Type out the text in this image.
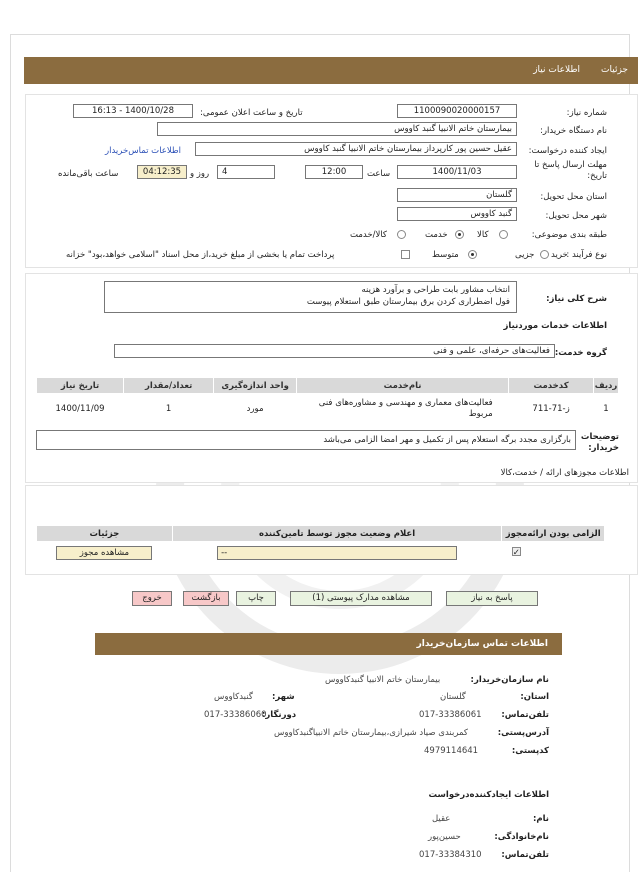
جزئیات
اطلاعات نیاز
شماره نیاز:
1100090020000157
تاریخ و ساعت اعلان عمومی:
1400/10/28 - 16:13
نام دستگاه خریدار:
بیمارستان خاتم الانبیا گنبد کاووس
ایجاد کننده درخواست:
عقیل حسین پور کارپرداز بیمارستان خاتم الانبیا گنبد کاووس
اطلاعات تماس‌خریدار
مهلت ارسال پاسخ تا تاریخ:
1400/11/03
ساعت
12:00
4
روز و
04:12:35
ساعت باقی‌مانده
استان محل تحویل:
گلستان
شهر محل تحویل:
گنبد کاووس
طبقه بندی موضوعی:
کالا
خدمت
کالا/خدمت
نوع فرآیند :
خرید
جزیی
متوسط
پرداخت تمام یا بخشی از مبلغ خرید،از محل اسناد "اسلامی خواهد،بود" خزانه
شرح کلی نیاز:
انتخاب مشاور بابت طراحی و برآورد هزینه
فول اضطراری کردن برق بیمارستان طبق استعلام پیوست
اطلاعات خدمات موردنیاز
گروه خدمت:
فعالیت‌های حرفه‌ای، علمی و فنی
ردیف	کدخدمت	نام‌خدمت	واحد اندازه‌گیری	تعداد/مقدار	تاریخ نیاز
1	ز-71-711	فعالیت‌های معماری و مهندسی و مشاوره‌های فنی مربوط	مورد	1	1400/11/09
توضیحات خریدار:
بارگزاری مجدد برگه استعلام پس از تکمیل و مهر امضا الزامی می‌باشد
اطلاعات مجوزهای ارائه / خدمت،کالا
الزامی بودن ارائه‌مجوز	اعلام وضعیت مجوز توسط تامین‌کننده	جزئیات
✓	--	مشاهده مجوز
پاسخ به نیاز
مشاهده مدارک پیوستی (1)
چاپ
بازگشت
خروج
اطلاعات تماس سازمان‌خریدار
نام سازمان‌خریدار:
بیمارستان خاتم الانبیا گنبدکاووس
استان:
گلستان
شهر:
گنبدکاووس
تلفن‌تماس:
017-33386061
دورنگار:
017-33386060
آدرس‌پستی:
کمربندی صیاد شیرازی،بیمارستان خاتم الانبیاگنبدکاووس
کد‌پستی:
4979114641
اطلاعات ایجادکننده‌درخواست
نام:
عقیل
نام‌خانوادگی:
حسین‌پور
تلفن‌تماس:
017-33384310
